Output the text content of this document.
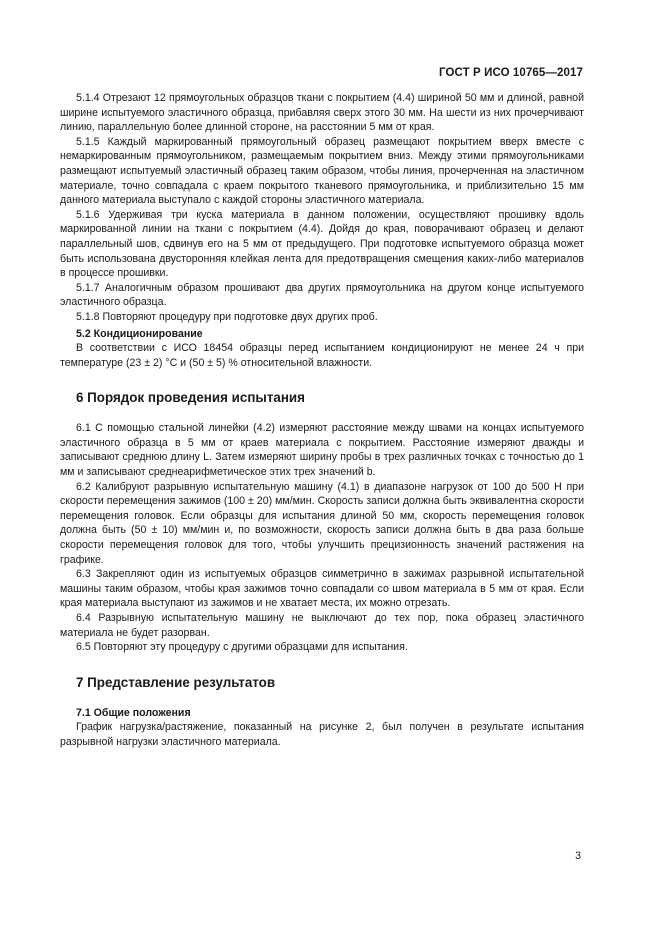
ГОСТ Р ИСО 10765—2017

5.1.4 Отрезают 12 прямоугольных образцов ткани с покрытием (4.4) шириной 50 мм и длиной, равной ширине испытуемого эластичного образца, прибавляя сверх этого 30 мм. На шести из них прочерчивают линию, параллельную более длинной стороне, на расстоянии 5 мм от края.

5.1.5 Каждый маркированный прямоугольный образец размещают покрытием вверх вместе с немаркированным прямоугольником, размещаемым покрытием вниз. Между этими прямоугольниками размещают испытуемый эластичный образец таким образом, чтобы линия, прочерченная на эластичном материале, точно совпадала с краем покрытого тканевого прямоугольника, и приблизительно 15 мм данного материала выступало с каждой стороны эластичного материала.

5.1.6 Удерживая три куска материала в данном положении, осуществляют прошивку вдоль маркированной линии на ткани с покрытием (4.4). Дойдя до края, поворачивают образец и делают параллельный шов, сдвинув его на 5 мм от предыдущего. При подготовке испытуемого образца может быть использована двусторонняя клейкая лента для предотвращения смещения каких-либо материалов в процессе прошивки.

5.1.7 Аналогичным образом прошивают два других прямоугольника на другом конце испытуемого эластичного образца.

5.1.8 Повторяют процедуру при подготовке двух других проб.

5.2 Кондиционирование

В соответствии с ИСО 18454 образцы перед испытанием кондиционируют не менее 24 ч при температуре (23 ± 2) °С и (50 ± 5) % относительной влажности.

6 Порядок проведения испытания

6.1 С помощью стальной линейки (4.2) измеряют расстояние между швами на концах испытуемого эластичного образца в 5 мм от краев материала с покрытием. Расстояние измеряют дважды и записывают среднюю длину L. Затем измеряют ширину пробы в трех различных точках с точностью до 1 мм и записывают среднеарифметическое этих трех значений b.

6.2 Калибруют разрывную испытательную машину (4.1) в диапазоне нагрузок от 100 до 500 Н при скорости перемещения зажимов (100 ± 20) мм/мин. Скорость записи должна быть эквивалентна скорости перемещения головок. Если образцы для испытания длиной 50 мм, скорость перемещения головок должна быть (50 ± 10) мм/мин и, по возможности, скорость записи должна быть в два раза больше скорости перемещения головок для того, чтобы улучшить прецизионность значений растяжения на графике.

6.3 Закрепляют один из испытуемых образцов симметрично в зажимах разрывной испытательной машины таким образом, чтобы края зажимов точно совпадали со швом материала в 5 мм от края. Если края материала выступают из зажимов и не хватает места, их можно отрезать.

6.4 Разрывную испытательную машину не выключают до тех пор, пока образец эластичного материала не будет разорван.

6.5 Повторяют эту процедуру с другими образцами для испытания.

7 Представление результатов

7.1 Общие положения

График нагрузка/растяжение, показанный на рисунке 2, был получен в результате испытания разрывной нагрузки эластичного материала.

3
